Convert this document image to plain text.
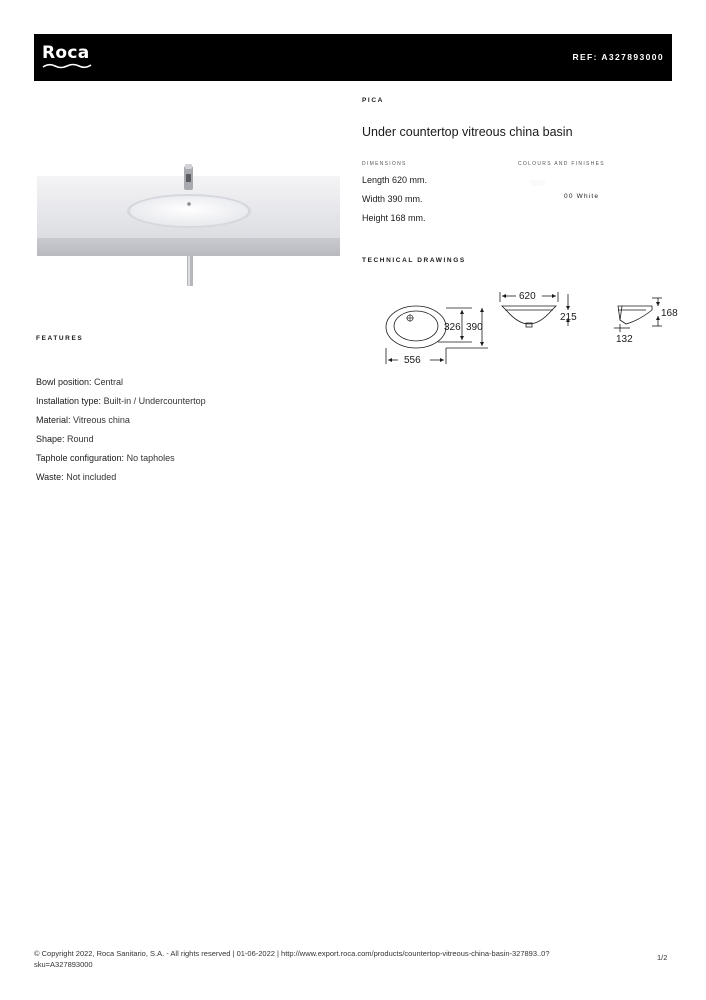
Roca	REF: A327893000
PICA
Under countertop vitreous china basin
DIMENSIONS
Length 620 mm.
Width 390 mm.
Height 168 mm.
COLOURS AND FINISHES
00 White
TECHNICAL DRAWINGS
326 390
556
620
215	168
132
FEATURES
Bowl position: Central
Installation type: Built-in / Undercountertop
Material: Vitreous china
Shape: Round
Taphole configuration: No tapholes
Waste: Not included
© Copyright 2022, Roca Sanitario, S.A. - All rights reserved | 01-06-2022 | http://www.export.roca.com/products/countertop-vitreous-china-basin-327893..0?sku=A327893000
1/2
